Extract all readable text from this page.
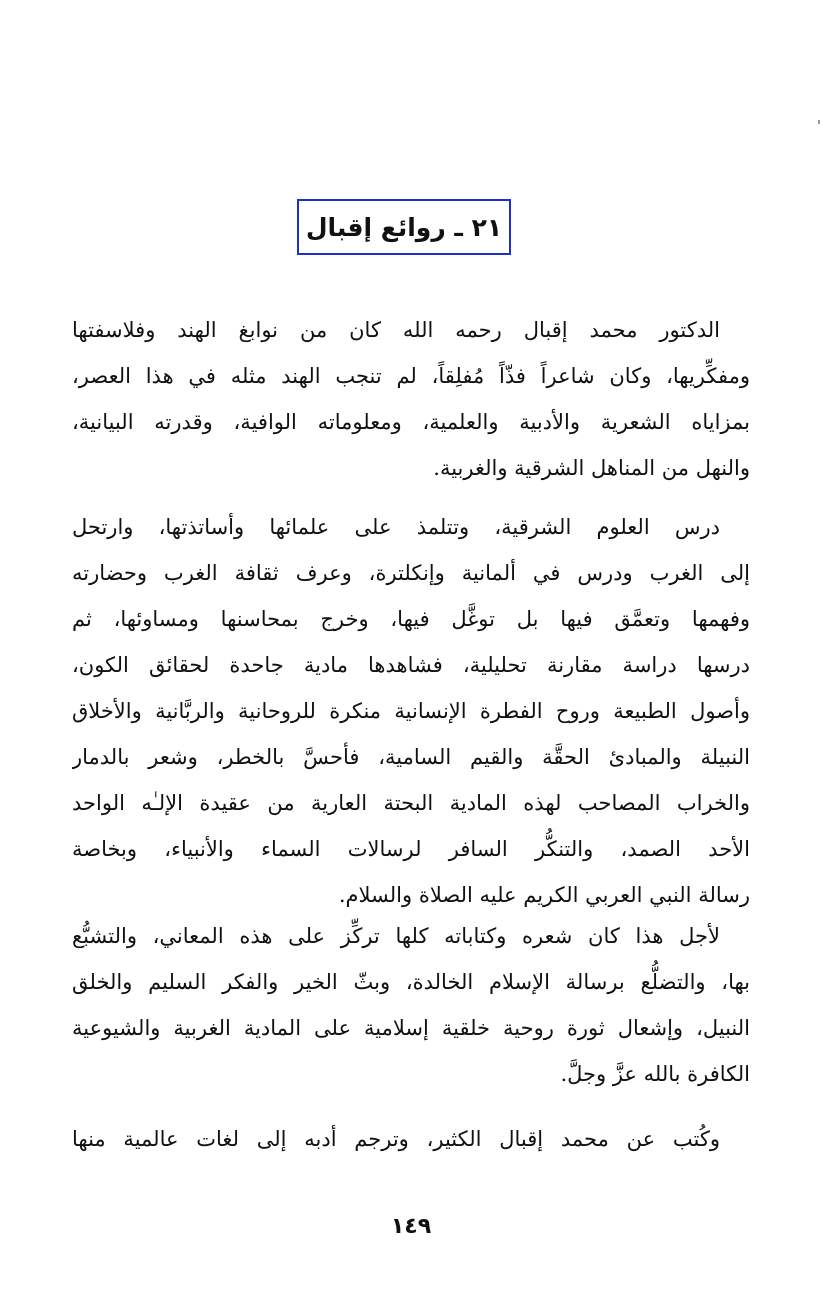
٢١ ـ روائع إقبال
الدكتور محمد إقبال رحمه الله كان من نوابغ الهند وفلاسفتها
ومفكِّريها، وكان شاعراً فذّاً مُفلِقاً، لم تنجب الهند مثله في هذا العصر،
بمزاياه الشعرية والأدبية والعلمية، ومعلوماته الوافية، وقدرته البيانية،
والنهل من المناهل الشرقية والغربية.
درس العلوم الشرقية، وتتلمذ على علمائها وأساتذتها، وارتحل
إلى الغرب ودرس في ألمانية وإنكلترة، وعرف ثقافة الغرب وحضارته
وفهمها وتعمَّق فيها بل توغَّل فيها، وخرج بمحاسنها ومساوئها، ثم
درسها دراسة مقارنة تحليلية، فشاهدها مادية جاحدة لحقائق الكون،
وأصول الطبيعة وروح الفطرة الإنسانية منكرة للروحانية والربَّانية والأخلاق
النبيلة والمبادئ الحقَّة والقيم السامية، فأحسَّ بالخطر، وشعر بالدمار
والخراب المصاحب لهذه المادية البحتة العارية من عقيدة الإلـٰه الواحد
الأحد الصمد، والتنكُّر السافر لرسالات السماء والأنبياء، وبخاصة
رسالة النبي العربي الكريم عليه الصلاة والسلام.
لأجل هذا كان شعره وكتاباته كلها تركِّز على هذه المعاني، والتشبُّع
بها، والتضلُّع برسالة الإسلام الخالدة، وبثّ الخير والفكر السليم والخلق
النبيل، وإشعال ثورة روحية خلقية إسلامية على المادية الغربية والشيوعية
الكافرة بالله عزَّ وجلَّ.
وكُتب عن محمد إقبال الكثير، وترجم أدبه إلى لغات عالمية منها
١٤٩
